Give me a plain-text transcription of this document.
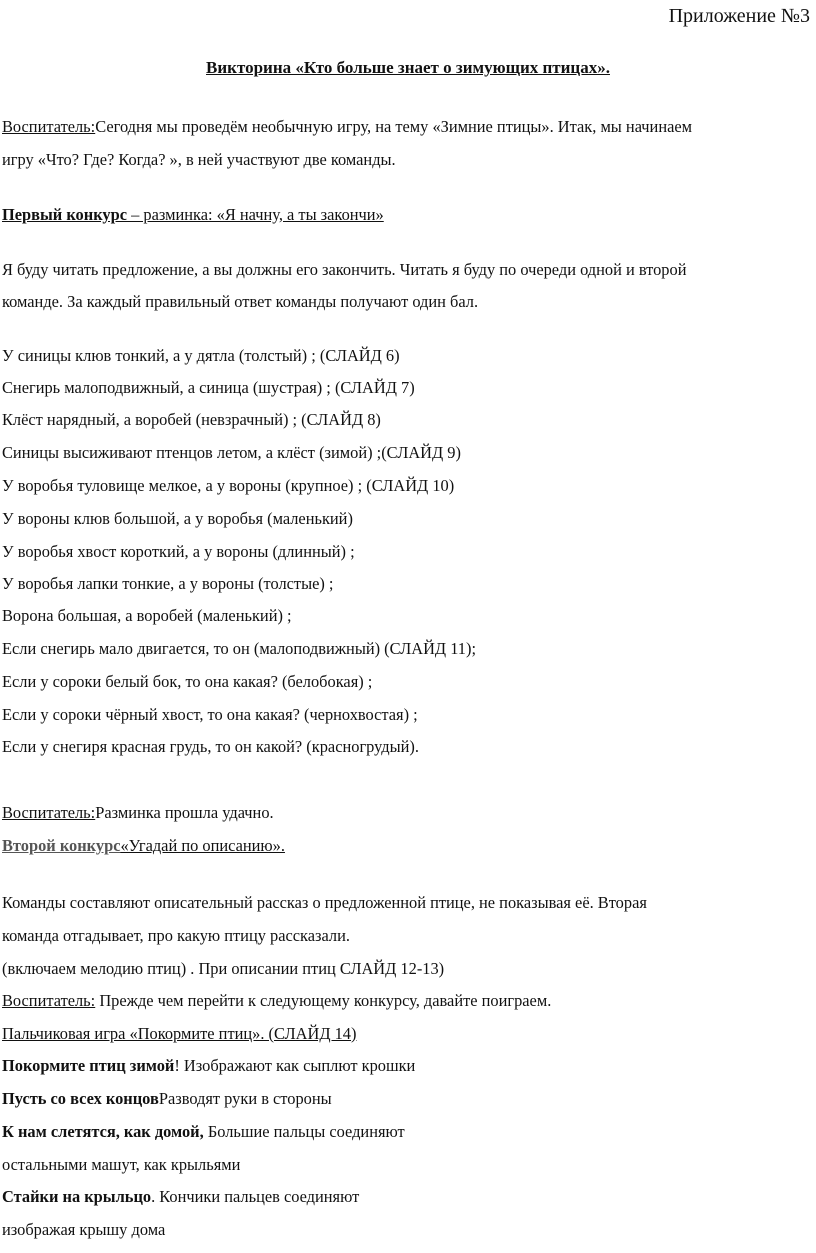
Приложение №3
Викторина «Кто больше знает о зимующих птицах».
Воспитатель:Сегодня мы проведём необычную игру, на тему «Зимние птицы». Итак, мы начинаем
игру «Что? Где? Когда? », в ней участвуют две команды.
Первый конкурс – разминка: «Я начну, а ты закончи»
Я буду читать предложение, а вы должны его закончить. Читать я буду по очереди одной и второй
команде. За каждый правильный ответ команды получают один бал.
У синицы клюв тонкий, а у дятла (толстый) ; (СЛАЙД 6)
Снегирь малоподвижный, а синица (шустрая) ; (СЛАЙД 7)
Клёст нарядный, а воробей (невзрачный) ; (СЛАЙД 8)
Синицы высиживают птенцов летом, а клёст (зимой) ;(СЛАЙД 9)
У воробья туловище мелкое, а у вороны (крупное) ; (СЛАЙД 10)
У вороны клюв большой, а у воробья (маленький)
У воробья хвост короткий, а у вороны (длинный) ;
У воробья лапки тонкие, а у вороны (толстые) ;
Ворона большая, а воробей (маленький) ;
Если снегирь мало двигается, то он (малоподвижный) (СЛАЙД 11);
Если у сороки белый бок, то она какая? (белобокая) ;
Если у сороки чёрный хвост, то она какая? (чернохвостая) ;
Если у снегиря красная грудь, то он какой? (красногрудый).
Воспитатель:Разминка прошла удачно.
Второй конкурс«Угадай по описанию».
Команды составляют описательный рассказ о предложенной птице, не показывая её. Вторая
команда отгадывает, про какую птицу рассказали.
(включаем мелодию птиц) . При описании птиц СЛАЙД 12-13)
Воспитатель: Прежде чем перейти к следующему конкурсу, давайте поиграем.
Пальчиковая игра «Покормите птиц». (СЛАЙД 14)
Покормите птиц зимой! Изображают как сыплют крошки
Пусть со всех концовРазводят руки в стороны
К нам слетятся, как домой, Большие пальцы соединяют
остальными машут, как крыльями
Стайки на крыльцо. Кончики пальцев соединяют
изображая крышу дома
